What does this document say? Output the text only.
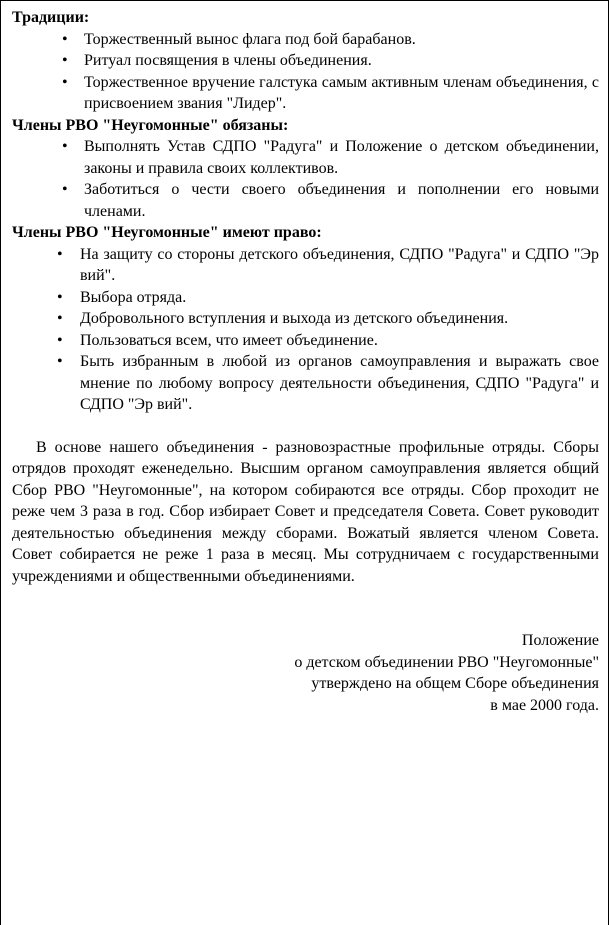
Традиции:

• Торжественный вынос флага под бой барабанов.
• Ритуал посвящения в члены объединения.
• Торжественное вручение галстука самым активным членам объединения, с присвоением звания "Лидер".

Члены РВО "Неугомонные" обязаны:

• Выполнять Устав СДПО "Радуга" и Положение о детском объединении, законы и правила своих коллективов.
• Заботиться о чести своего объединения и пополнении его новыми членами.

Члены РВО "Неугомонные" имеют право:

• На защиту со стороны детского объединения, СДПО "Радуга" и СДПО "Эр вий".
• Выбора отряда.
• Добровольного вступления и выхода из детского объединения.
• Пользоваться всем, что имеет объединение.
• Быть избранным в любой из органов самоуправления и выражать свое мнение по любому вопросу деятельности объединения, СДПО "Радуга" и СДПО "Эр вий".

В основе нашего объединения - разновозрастные профильные отряды. Сборы отрядов проходят еженедельно. Высшим органом самоуправления является общий Сбор РВО "Неугомонные", на котором собираются все отряды. Сбор проходит не реже чем 3 раза в год. Сбор избирает Совет и председателя Совета. Совет руководит деятельностью объединения между сборами. Вожатый является членом Совета. Совет собирается не реже 1 раза в месяц. Мы сотрудничаем с государственными учреждениями и общественными объединениями.

Положение
о детском объединении РВО "Неугомонные"
утверждено на общем Сборе объединения
в мае 2000 года.
